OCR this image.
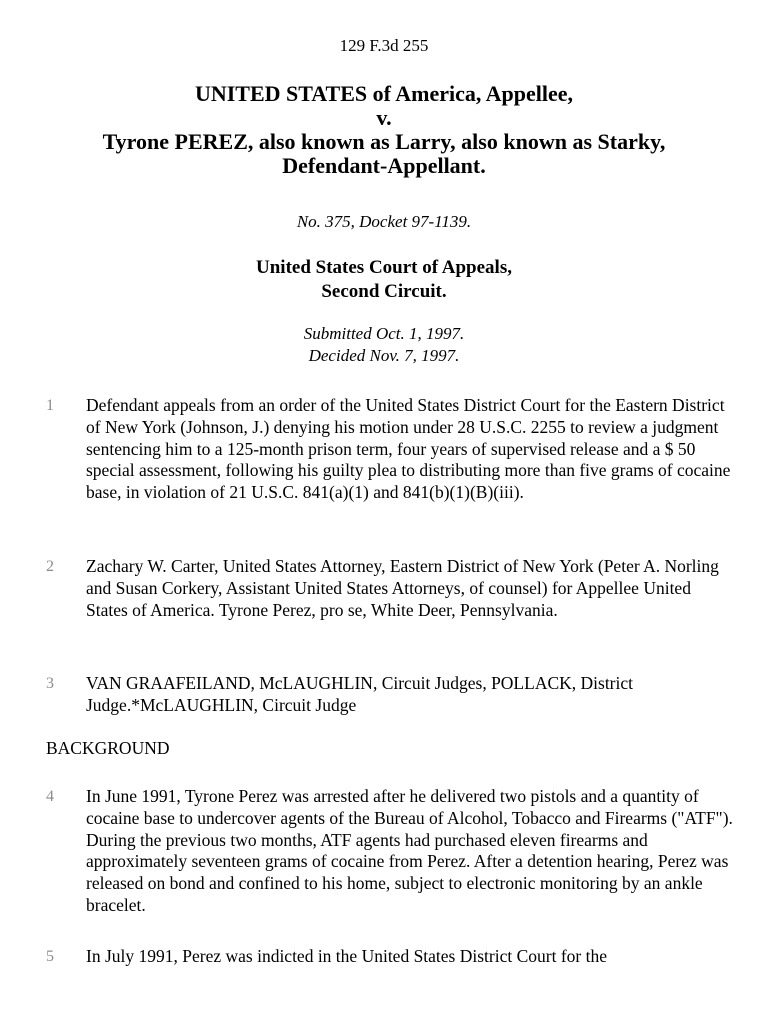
129 F.3d 255
UNITED STATES of America, Appellee,
v.
Tyrone PEREZ, also known as Larry, also known as Starky,
Defendant-Appellant.
No. 375, Docket 97-1139.
United States Court of Appeals,
Second Circuit.
Submitted Oct. 1, 1997.
Decided Nov. 7, 1997.
1 Defendant appeals from an order of the United States District Court for the Eastern District of New York (Johnson, J.) denying his motion under 28 U.S.C. 2255 to review a judgment sentencing him to a 125-month prison term, four years of supervised release and a $ 50 special assessment, following his guilty plea to distributing more than five grams of cocaine base, in violation of 21 U.S.C. 841(a)(1) and 841(b)(1)(B)(iii).
2 Zachary W. Carter, United States Attorney, Eastern District of New York (Peter A. Norling and Susan Corkery, Assistant United States Attorneys, of counsel) for Appellee United States of America. Tyrone Perez, pro se, White Deer, Pennsylvania.
3 VAN GRAAFEILAND, McLAUGHLIN, Circuit Judges, POLLACK, District Judge.*McLAUGHLIN, Circuit Judge
BACKGROUND
4 In June 1991, Tyrone Perez was arrested after he delivered two pistols and a quantity of cocaine base to undercover agents of the Bureau of Alcohol, Tobacco and Firearms ("ATF"). During the previous two months, ATF agents had purchased eleven firearms and approximately seventeen grams of cocaine from Perez. After a detention hearing, Perez was released on bond and confined to his home, subject to electronic monitoring by an ankle bracelet.
5 In July 1991, Perez was indicted in the United States District Court for the
